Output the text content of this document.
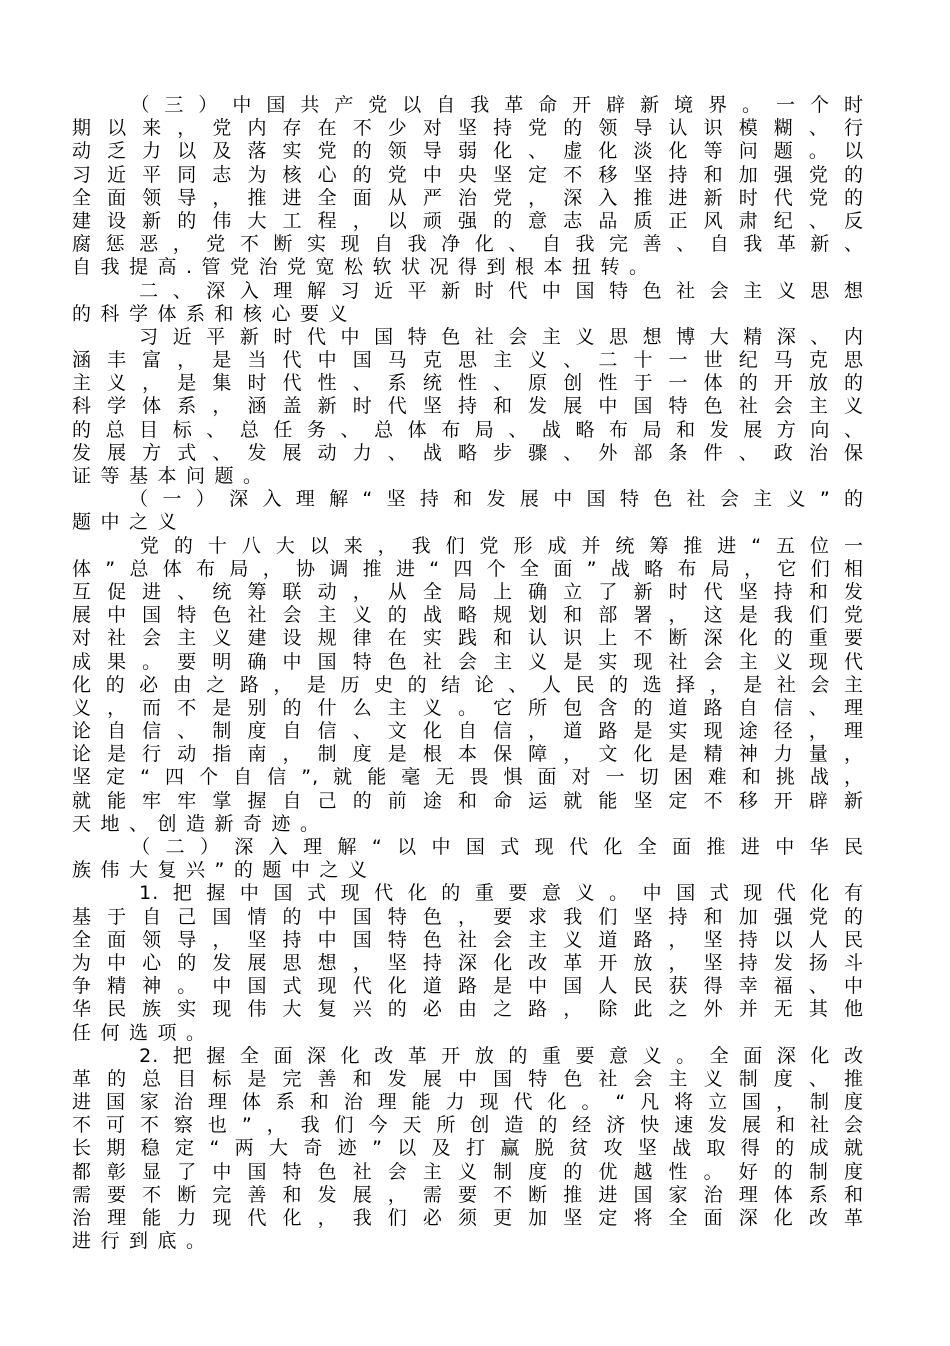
　　（三）中国共产党以自我革命开辟新境界。一个时
期以来，党内存在不少对坚持党的领导认识模糊、行
动乏力以及落实党的领导弱化、虚化淡化等问题。以
习近平同志为核心的党中央坚定不移坚持和加强党的
全面领导，推进全面从严治党，深入推进新时代党的
建设新的伟大工程，以顽强的意志品质正风肃纪、反
腐惩恶，党不断实现自我净化、自我完善、自我革新、
自我提高.管党治党宽松软状况得到根本扭转。
　　二、深入理解习近平新时代中国特色社会主义思想
的科学体系和核心要义
　　习近平新时代中国特色社会主义思想博大精深、内
涵丰富，是当代中国马克思主义、二十一世纪马克思
主义，是集时代性、系统性、原创性于一体的开放的
科学体系，涵盖新时代坚持和发展中国特色社会主义
的总目标、总任务、总体布局、战略布局和发展方向、
发展方式、发展动力、战略步骤、外部条件、政治保
证等基本问题。
　　（一）深入理解“坚持和发展中国特色社会主义”的
题中之义
　　党的十八大以来，我们党形成并统筹推进“五位一
体”总体布局，协调推进“四个全面”战略布局，它们相
互促进、统筹联动，从全局上确立了新时代坚持和发
展中国特色社会主义的战略规划和部署，这是我们党
对社会主义建设规律在实践和认识上不断深化的重要
成果。要明确中国特色社会主义是实现社会主义现代
化的必由之路，是历史的结论、人民的选择，是社会主
义，而不是别的什么主义。它所包含的道路自信、理
论自信、制度自信、文化自信，道路是实现途径，理
论是行动指南，制度是根本保障，文化是精神力量，
坚定“四个自信”,就能毫无畏惧面对一切困难和挑战，
就能牢牢掌握自己的前途和命运就能坚定不移开辟新
天地、创造新奇迹。
　　（二）深入理解“以中国式现代化全面推进中华民
族伟大复兴”的题中之义
　　1.把握中国式现代化的重要意义。中国式现代化有
基于自己国情的中国特色，要求我们坚持和加强党的
全面领导，坚持中国特色社会主义道路，坚持以人民
为中心的发展思想，坚持深化改革开放，坚持发扬斗
争精神。中国式现代化道路是中国人民获得幸福、中
华民族实现伟大复兴的必由之路，除此之外并无其他
任何选项。
　　2.把握全面深化改革开放的重要意义。全面深化改
革的总目标是完善和发展中国特色社会主义制度、推
进国家治理体系和治理能力现代化。“凡将立国，制度
不可不察也”，我们今天所创造的经济快速发展和社会
长期稳定“两大奇迹”以及打赢脱贫攻坚战取得的成就
都彰显了中国特色社会主义制度的优越性。好的制度
需要不断完善和发展，需要不断推进国家治理体系和
治理能力现代化，我们必须更加坚定将全面深化改革
进行到底。
